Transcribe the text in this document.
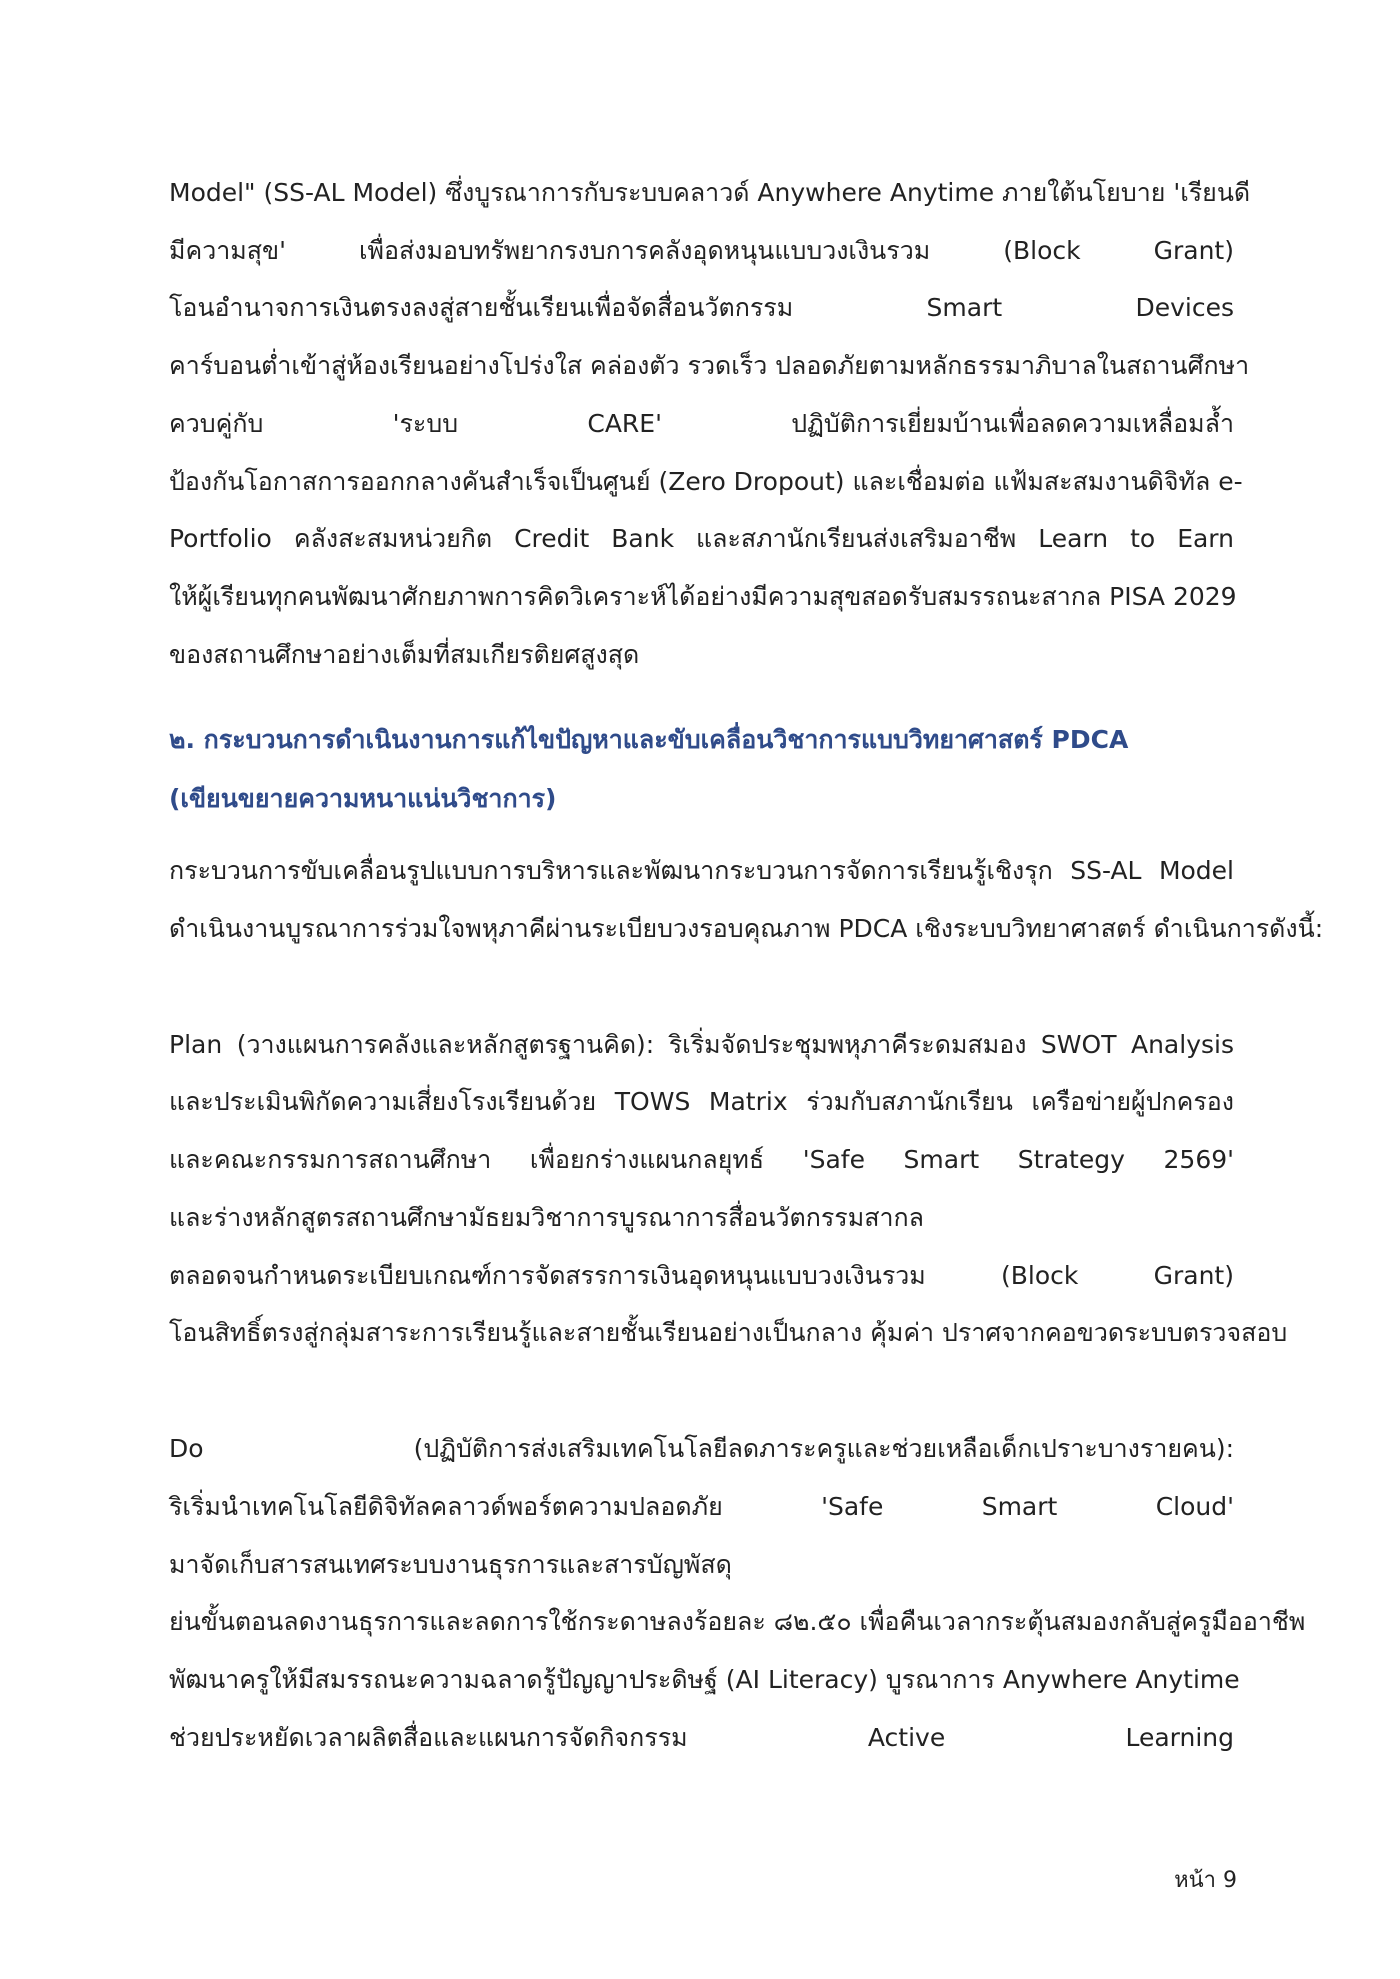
Model" (SS-AL Model) ซึ่งบูรณาการกับระบบคลาวด์ Anywhere Anytime ภายใต้นโยบาย 'เรียนดี
มีความสุข' เพื่อส่งมอบทรัพยากรงบการคลังอุดหนุนแบบวงเงินรวม (Block Grant)
โอนอำนาจการเงินตรงลงสู่สายชั้นเรียนเพื่อจัดสื่อนวัตกรรม Smart Devices
คาร์บอนต่ำเข้าสู่ห้องเรียนอย่างโปร่งใส คล่องตัว รวดเร็ว ปลอดภัยตามหลักธรรมาภิบาลในสถานศึกษา
ควบคู่กับ 'ระบบ CARE' ปฏิบัติการเยี่ยมบ้านเพื่อลดความเหลื่อมล้ำ
ป้องกันโอกาสการออกกลางคันสำเร็จเป็นศูนย์ (Zero Dropout) และเชื่อมต่อ แฟ้มสะสมงานดิจิทัล e-
Portfolio คลังสะสมหน่วยกิต Credit Bank และสภานักเรียนส่งเสริมอาชีพ Learn to Earn
ให้ผู้เรียนทุกคนพัฒนาศักยภาพการคิดวิเคราะห์ได้อย่างมีความสุขสอดรับสมรรถนะสากล PISA 2029
ของสถานศึกษาอย่างเต็มที่สมเกียรติยศสูงสุด
๒. กระบวนการดำเนินงานการแก้ไขปัญหาและขับเคลื่อนวิชาการแบบวิทยาศาสตร์ PDCA
(เขียนขยายความหนาแน่นวิชาการ)
กระบวนการขับเคลื่อนรูปแบบการบริหารและพัฒนากระบวนการจัดการเรียนรู้เชิงรุก SS-AL Model
ดำเนินงานบูรณาการร่วมใจพหุภาคีผ่านระเบียบวงรอบคุณภาพ PDCA เชิงระบบวิทยาศาสตร์ ดำเนินการดังนี้:
Plan (วางแผนการคลังและหลักสูตรฐานคิด): ริเริ่มจัดประชุมพหุภาคีระดมสมอง SWOT Analysis
และประเมินพิกัดความเสี่ยงโรงเรียนด้วย TOWS Matrix ร่วมกับสภานักเรียน เครือข่ายผู้ปกครอง
และคณะกรรมการสถานศึกษา เพื่อยกร่างแผนกลยุทธ์ 'Safe Smart Strategy 2569'
และร่างหลักสูตรสถานศึกษามัธยมวิชาการบูรณาการสื่อนวัตกรรมสากล
ตลอดจนกำหนดระเบียบเกณฑ์การจัดสรรการเงินอุดหนุนแบบวงเงินรวม (Block Grant)
โอนสิทธิ์ตรงสู่กลุ่มสาระการเรียนรู้และสายชั้นเรียนอย่างเป็นกลาง คุ้มค่า ปราศจากคอขวดระบบตรวจสอบ
Do (ปฏิบัติการส่งเสริมเทคโนโลยีลดภาระครูและช่วยเหลือเด็กเปราะบางรายคน):
ริเริ่มนำเทคโนโลยีดิจิทัลคลาวด์พอร์ตความปลอดภัย 'Safe Smart Cloud'
มาจัดเก็บสารสนเทศระบบงานธุรการและสารบัญพัสดุ
ย่นขั้นตอนลดงานธุรการและลดการใช้กระดาษลงร้อยละ ๘๒.๕๐ เพื่อคืนเวลากระตุ้นสมองกลับสู่ครูมืออาชีพ
พัฒนาครูให้มีสมรรถนะความฉลาดรู้ปัญญาประดิษฐ์ (AI Literacy) บูรณาการ Anywhere Anytime
ช่วยประหยัดเวลาผลิตสื่อและแผนการจัดกิจกรรม Active Learning
หน้า 9
